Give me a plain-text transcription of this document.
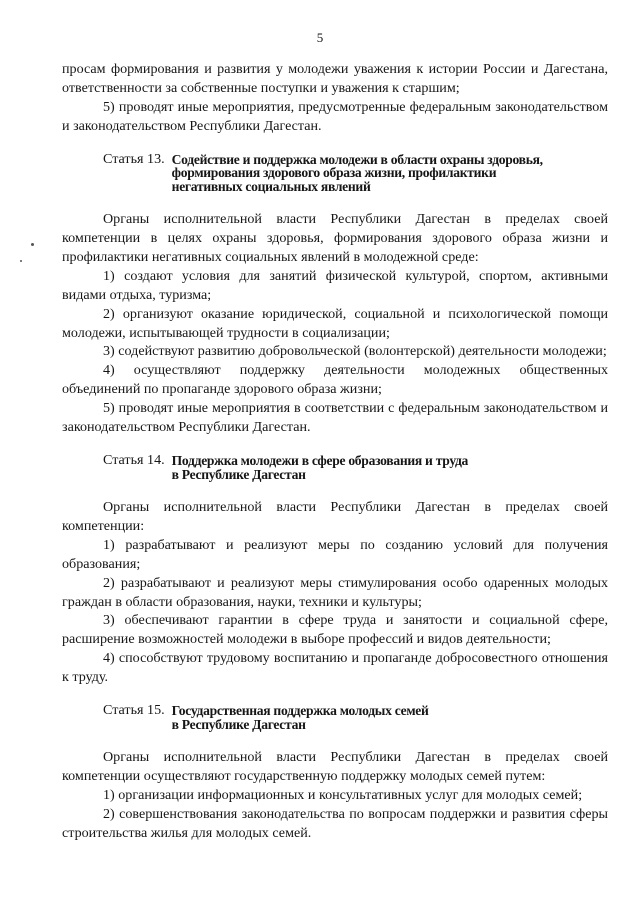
5

просам формирования и развития у молодежи уважения к истории России и Дагестана, ответственности за собственные поступки и уважения к старшим;

5) проводят иные мероприятия, предусмотренные федеральным законодательством и законодательством Республики Дагестан.

Статья 13. Содействие и поддержка молодежи в области охраны здоровья,
формирования здорового образа жизни, профилактики
негативных социальных явлений

Органы исполнительной власти Республики Дагестан в пределах своей компетенции в целях охраны здоровья, формирования здорового образа жизни и профилактики негативных социальных явлений в молодежной среде:

1) создают условия для занятий физической культурой, спортом, активными видами отдыха, туризма;

2) организуют оказание юридической, социальной и психологической помощи молодежи, испытывающей трудности в социализации;

3) содействуют развитию добровольческой (волонтерской) деятельности молодежи;

4) осуществляют поддержку деятельности молодежных общественных объединений по пропаганде здорового образа жизни;

5) проводят иные мероприятия в соответствии с федеральным законодательством и законодательством Республики Дагестан.

Статья 14. Поддержка молодежи в сфере образования и труда
в Республике Дагестан

Органы исполнительной власти Республики Дагестан в пределах своей компетенции:

1) разрабатывают и реализуют меры по созданию условий для получения образования;

2) разрабатывают и реализуют меры стимулирования особо одаренных молодых граждан в области образования, науки, техники и культуры;

3) обеспечивают гарантии в сфере труда и занятости и социальной сфере, расширение возможностей молодежи в выборе профессий и видов деятельности;

4) способствуют трудовому воспитанию и пропаганде добросовестного отношения к труду.

Статья 15. Государственная поддержка молодых семей
в Республике Дагестан

Органы исполнительной власти Республики Дагестан в пределах своей компетенции осуществляют государственную поддержку молодых семей путем:

1) организации информационных и консультативных услуг для молодых семей;

2) совершенствования законодательства по вопросам поддержки и развития сферы строительства жилья для молодых семей.
